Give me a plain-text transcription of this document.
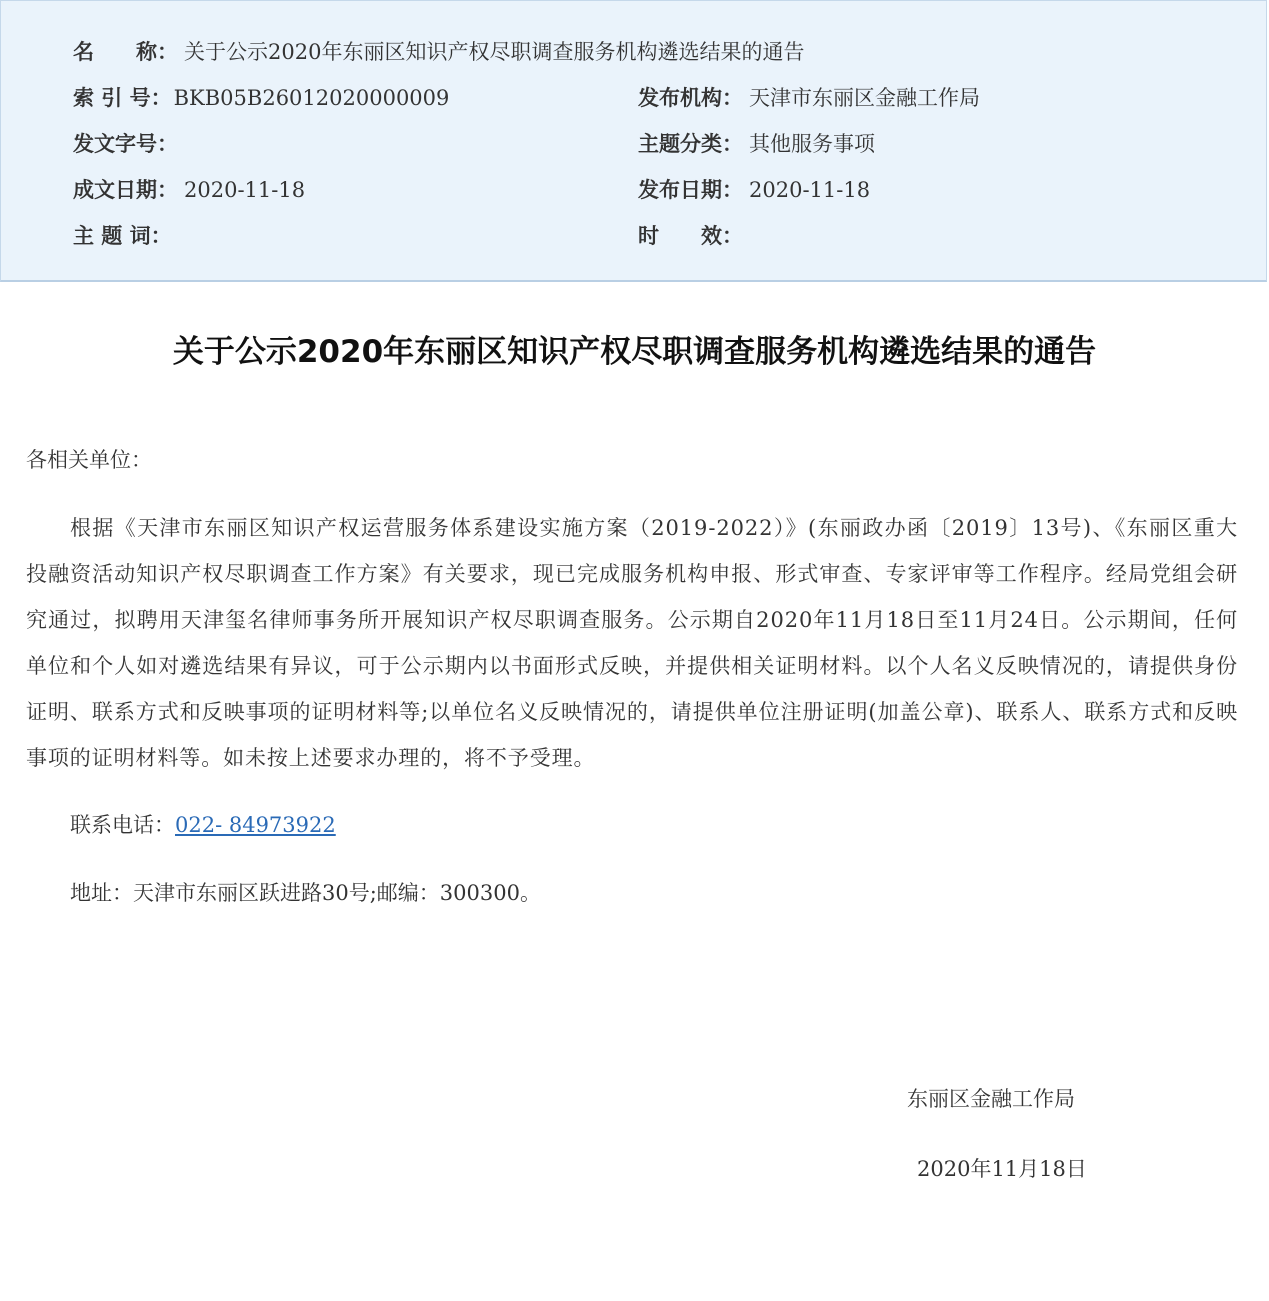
名　　称： 关于公示2020年东丽区知识产权尽职调查服务机构遴选结果的通告
索 引 号：BKB05B26012020000009	发布机构： 天津市东丽区金融工作局
发文字号：	主题分类： 其他服务事项
成文日期： 2020-11-18	发布日期： 2020-11-18
主 题 词：	时　　效：
关于公示2020年东丽区知识产权尽职调查服务机构遴选结果的通告
各相关单位：
根据《天津市东丽区知识产权运营服务体系建设实施方案（2019-2022）》(东丽政办函〔2019〕13号)、《东丽区重大投融资活动知识产权尽职调查工作方案》有关要求，现已完成服务机构申报、形式审查、专家评审等工作程序。经局党组会研究通过，拟聘用天津玺名律师事务所开展知识产权尽职调查服务。公示期自2020年11月18日至11月24日。公示期间，任何单位和个人如对遴选结果有异议，可于公示期内以书面形式反映，并提供相关证明材料。以个人名义反映情况的，请提供身份证明、联系方式和反映事项的证明材料等;以单位名义反映情况的，请提供单位注册证明(加盖公章)、联系人、联系方式和反映事项的证明材料等。如未按上述要求办理的，将不予受理。
联系电话：022- 84973922
地址：天津市东丽区跃进路30号;邮编：300300。
东丽区金融工作局
2020年11月18日
